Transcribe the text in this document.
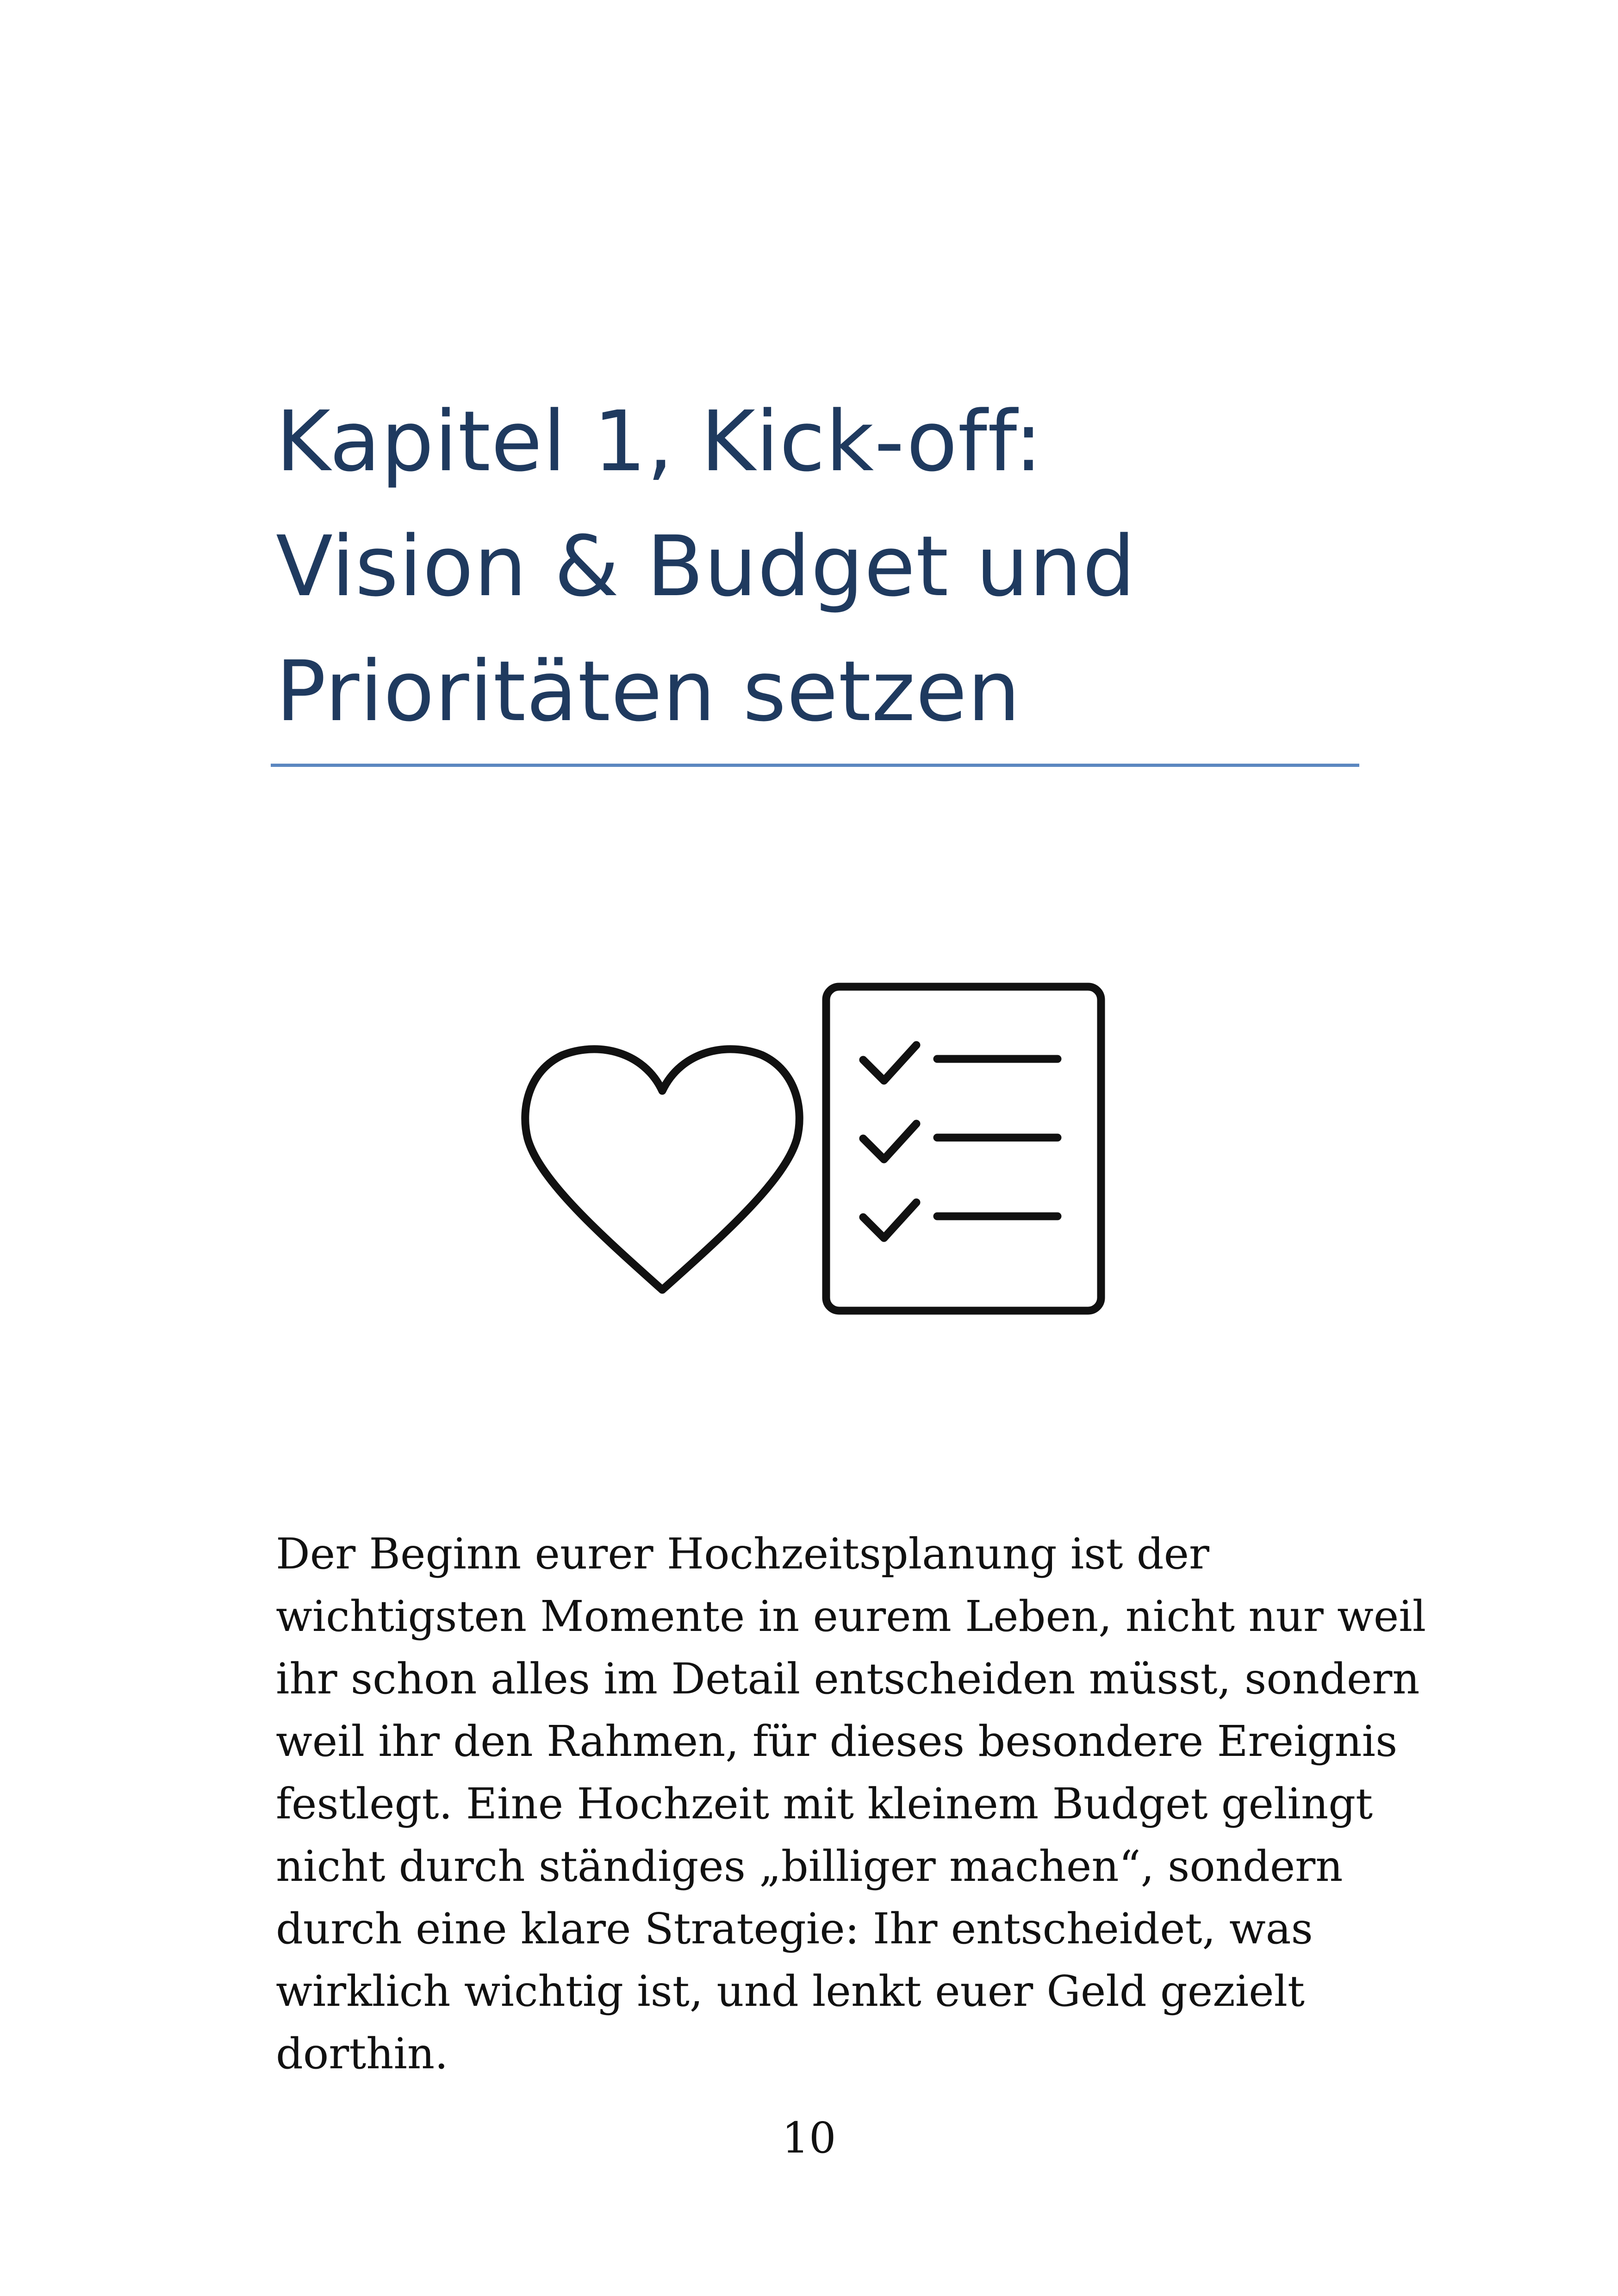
Kapitel 1, Kick-off:
Vision & Budget und
Prioritäten setzen

Der Beginn eurer Hochzeitsplanung ist der
wichtigsten Momente in eurem Leben, nicht nur weil
ihr schon alles im Detail entscheiden müsst, sondern
weil ihr den Rahmen, für dieses besondere Ereignis
festlegt. Eine Hochzeit mit kleinem Budget gelingt
nicht durch ständiges „billiger machen“, sondern
durch eine klare Strategie: Ihr entscheidet, was
wirklich wichtig ist, und lenkt euer Geld gezielt
dorthin.

10
